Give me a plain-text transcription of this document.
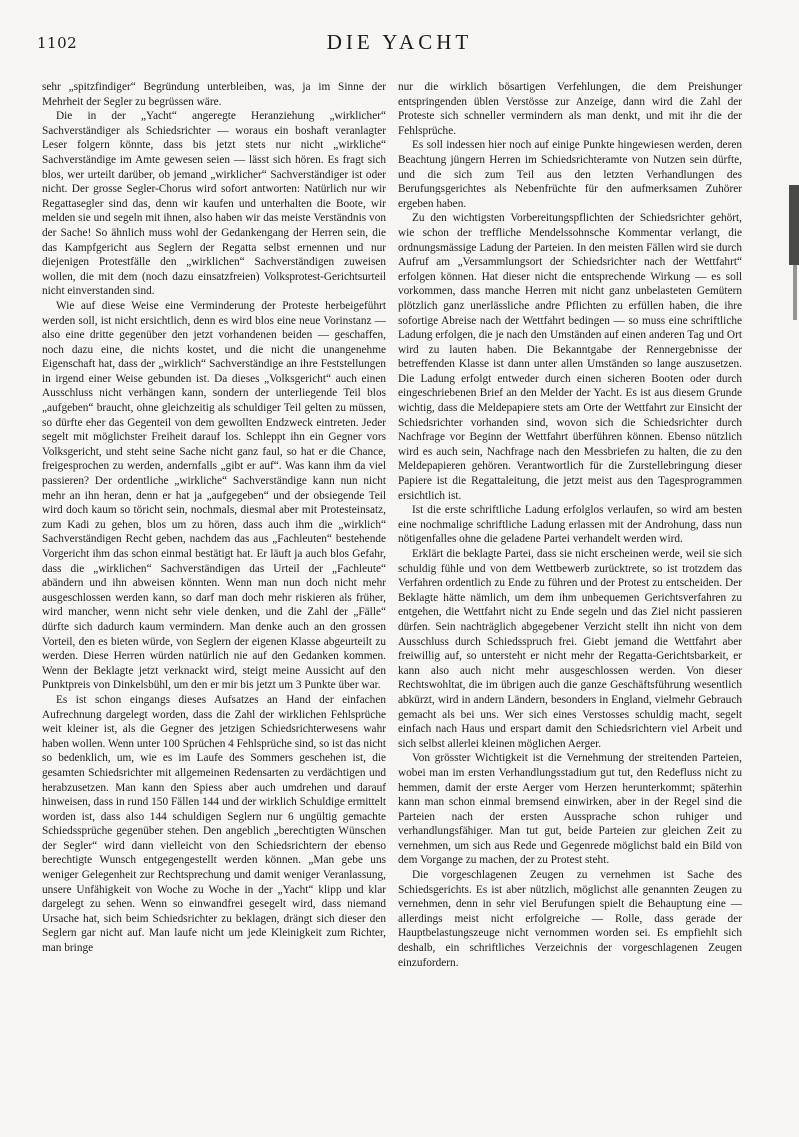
1102	DIE YACHT

sehr „spitzfindiger“ Begründung unterbleiben, was, ja im Sinne der Mehrheit der Segler zu begrüssen wäre.

Die in der „Yacht“ angeregte Heranziehung „wirklicher“ Sachverständiger als Schiedsrichter — woraus ein boshaft veranlagter Leser folgern könnte, dass bis jetzt stets nur nicht „wirkliche“ Sachverständige im Amte gewesen seien — lässt sich hören. Es fragt sich blos, wer urteilt darüber, ob jemand „wirklicher“ Sachverständiger ist oder nicht. Der grosse Segler-Chorus wird sofort antworten: Natürlich nur wir Regattasegler sind das, denn wir kaufen und unterhalten die Boote, wir melden sie und segeln mit ihnen, also haben wir das meiste Verständnis von der Sache! So ähnlich muss wohl der Gedankengang der Herren sein, die das Kampfgericht aus Seglern der Regatta selbst ernennen und nur diejenigen Protestfälle den „wirklichen“ Sachverständigen zuweisen wollen, die mit dem (noch dazu einsatzfreien) Volksprotest-Gerichtsurteil nicht einverstanden sind.

Wie auf diese Weise eine Verminderung der Proteste herbeigeführt werden soll, ist nicht ersichtlich, denn es wird blos eine neue Vorinstanz — also eine dritte gegenüber den jetzt vorhandenen beiden — geschaffen, noch dazu eine, die nichts kostet, und die nicht die unangenehme Eigenschaft hat, dass der „wirklich“ Sachverständige an ihre Feststellungen in irgend einer Weise gebunden ist. Da dieses „Volksgericht“ auch einen Ausschluss nicht verhängen kann, sondern der unterliegende Teil blos „aufgeben“ braucht, ohne gleichzeitig als schuldiger Teil gelten zu müssen, so dürfte eher das Gegenteil von dem gewollten Endzweck eintreten. Jeder segelt mit möglichster Freiheit darauf los. Schleppt ihn ein Gegner vors Volksgericht, und steht seine Sache nicht ganz faul, so hat er die Chance, freigesprochen zu werden, andernfalls „gibt er auf“. Was kann ihm da viel passieren? Der ordentliche „wirkliche“ Sachverständige kann nun nicht mehr an ihn heran, denn er hat ja „aufgegeben“ und der obsiegende Teil wird doch kaum so töricht sein, nochmals, diesmal aber mit Protesteinsatz, zum Kadi zu gehen, blos um zu hören, dass auch ihm die „wirklich“ Sachverständigen Recht geben, nachdem das aus „Fachleuten“ bestehende Vorgericht ihm das schon einmal bestätigt hat. Er läuft ja auch blos Gefahr, dass die „wirklichen“ Sachverständigen das Urteil der „Fachleute“ abändern und ihn abweisen könnten. Wenn man nun doch nicht mehr ausgeschlossen werden kann, so darf man doch mehr riskieren als früher, wird mancher, wenn nicht sehr viele denken, und die Zahl der „Fälle“ dürfte sich dadurch kaum vermindern. Man denke auch an den grossen Vorteil, den es bieten würde, von Seglern der eigenen Klasse abgeurteilt zu werden. Diese Herren würden natürlich nie auf den Gedanken kommen. Wenn der Beklagte jetzt verknackt wird, steigt meine Aussicht auf den Punktpreis von Dinkelsbühl, um den er mir bis jetzt um 3 Punkte über war.

Es ist schon eingangs dieses Aufsatzes an Hand der einfachen Aufrechnung dargelegt worden, dass die Zahl der wirklichen Fehlsprüche weit kleiner ist, als die Gegner des jetzigen Schiedsrichterwesens wahr haben wollen. Wenn unter 100 Sprüchen 4 Fehlsprüche sind, so ist das nicht so bedenklich, um, wie es im Laufe des Sommers geschehen ist, die gesamten Schiedsrichter mit allgemeinen Redensarten zu verdächtigen und herabzusetzen. Man kann den Spiess aber auch umdrehen und darauf hinweisen, dass in rund 150 Fällen 144 und der wirklich Schuldige ermittelt worden ist, dass also 144 schuldigen Seglern nur 6 ungültig gemachte Schiedssprüche gegenüber stehen. Den angeblich „berechtigten Wünschen der Segler“ wird dann vielleicht von den Schiedsrichtern der ebenso berechtigte Wunsch entgegengestellt werden können. „Man gebe uns weniger Gelegenheit zur Rechtsprechung und damit weniger Veranlassung, unsere Unfähigkeit von Woche zu Woche in der „Yacht“ klipp und klar dargelegt zu sehen. Wenn so einwandfrei gesegelt wird, dass niemand Ursache hat, sich beim Schiedsrichter zu beklagen, drängt sich dieser den Seglern gar nicht auf. Man laufe nicht um jede Kleinigkeit zum Richter, man bringe

nur die wirklich bösartigen Verfehlungen, die dem Preishunger entspringenden üblen Verstösse zur Anzeige, dann wird die Zahl der Proteste sich schneller vermindern als man denkt, und mit ihr die der Fehlsprüche.

Es soll indessen hier noch auf einige Punkte hingewiesen werden, deren Beachtung jüngern Herren im Schiedsrichteramte von Nutzen sein dürfte, und die sich zum Teil aus den letzten Verhandlungen des Berufungsgerichtes als Nebenfrüchte für den aufmerksamen Zuhörer ergeben haben.

Zu den wichtigsten Vorbereitungspflichten der Schiedsrichter gehört, wie schon der treffliche Mendelssohnsche Kommentar verlangt, die ordnungsmässige Ladung der Parteien. In den meisten Fällen wird sie durch Aufruf am „Versammlungsort der Schiedsrichter nach der Wettfahrt“ erfolgen können. Hat dieser nicht die entsprechende Wirkung — es soll vorkommen, dass manche Herren mit nicht ganz unbelasteten Gemütern plötzlich ganz unerlässliche andre Pflichten zu erfüllen haben, die ihre sofortige Abreise nach der Wettfahrt bedingen — so muss eine schriftliche Ladung erfolgen, die je nach den Umständen auf einen anderen Tag und Ort wird zu lauten haben. Die Bekanntgabe der Rennergebnisse der betreffenden Klasse ist dann unter allen Umständen so lange auszusetzen. Die Ladung erfolgt entweder durch einen sicheren Booten oder durch eingeschriebenen Brief an den Melder der Yacht. Es ist aus diesem Grunde wichtig, dass die Meldepapiere stets am Orte der Wettfahrt zur Einsicht der Schiedsrichter vorhanden sind, wovon sich die Schiedsrichter durch Nachfrage vor Beginn der Wettfahrt überführen können. Ebenso nützlich wird es auch sein, Nachfrage nach den Messbriefen zu halten, die zu den Meldepapieren gehören. Verantwortlich für die Zurstellebringung dieser Papiere ist die Regattaleitung, die jetzt meist aus den Tagesprogrammen ersichtlich ist.

Ist die erste schriftliche Ladung erfolglos verlaufen, so wird am besten eine nochmalige schriftliche Ladung erlassen mit der Androhung, dass nun nötigenfalles ohne die geladene Partei verhandelt werden wird.

Erklärt die beklagte Partei, dass sie nicht erscheinen werde, weil sie sich schuldig fühle und von dem Wettbewerb zurücktrete, so ist trotzdem das Verfahren ordentlich zu Ende zu führen und der Protest zu entscheiden. Der Beklagte hätte nämlich, um dem ihm unbequemen Gerichtsverfahren zu entgehen, die Wettfahrt nicht zu Ende segeln und das Ziel nicht passieren dürfen. Sein nachträglich abgegebener Verzicht stellt ihn nicht von dem Ausschluss durch Schiedsspruch frei. Giebt jemand die Wettfahrt aber freiwillig auf, so untersteht er nicht mehr der Regatta-Gerichtsbarkeit, er kann also auch nicht mehr ausgeschlossen werden. Von dieser Rechtswohltat, die im übrigen auch die ganze Geschäftsführung wesentlich abkürzt, wird in andern Ländern, besonders in England, vielmehr Gebrauch gemacht als bei uns. Wer sich eines Verstosses schuldig macht, segelt einfach nach Haus und erspart damit den Schiedsrichtern viel Arbeit und sich selbst allerlei kleinen möglichen Aerger.

Von grösster Wichtigkeit ist die Vernehmung der streitenden Parteien, wobei man im ersten Verhandlungsstadium gut tut, den Redefluss nicht zu hemmen, damit der erste Aerger vom Herzen herunterkommt; späterhin kann man schon einmal bremsend einwirken, aber in der Regel sind die Parteien nach der ersten Aussprache schon ruhiger und verhandlungsfähiger. Man tut gut, beide Parteien zur gleichen Zeit zu vernehmen, um sich aus Rede und Gegenrede möglichst bald ein Bild von dem Vorgange zu machen, der zu Protest steht.

Die vorgeschlagenen Zeugen zu vernehmen ist Sache des Schiedsgerichts. Es ist aber nützlich, möglichst alle genannten Zeugen zu vernehmen, denn in sehr viel Berufungen spielt die Behauptung eine — allerdings meist nicht erfolgreiche — Rolle, dass gerade der Hauptbelastungszeuge nicht vernommen worden sei. Es empfiehlt sich deshalb, ein schriftliches Verzeichnis der vorgeschlagenen Zeugen einzufordern.
